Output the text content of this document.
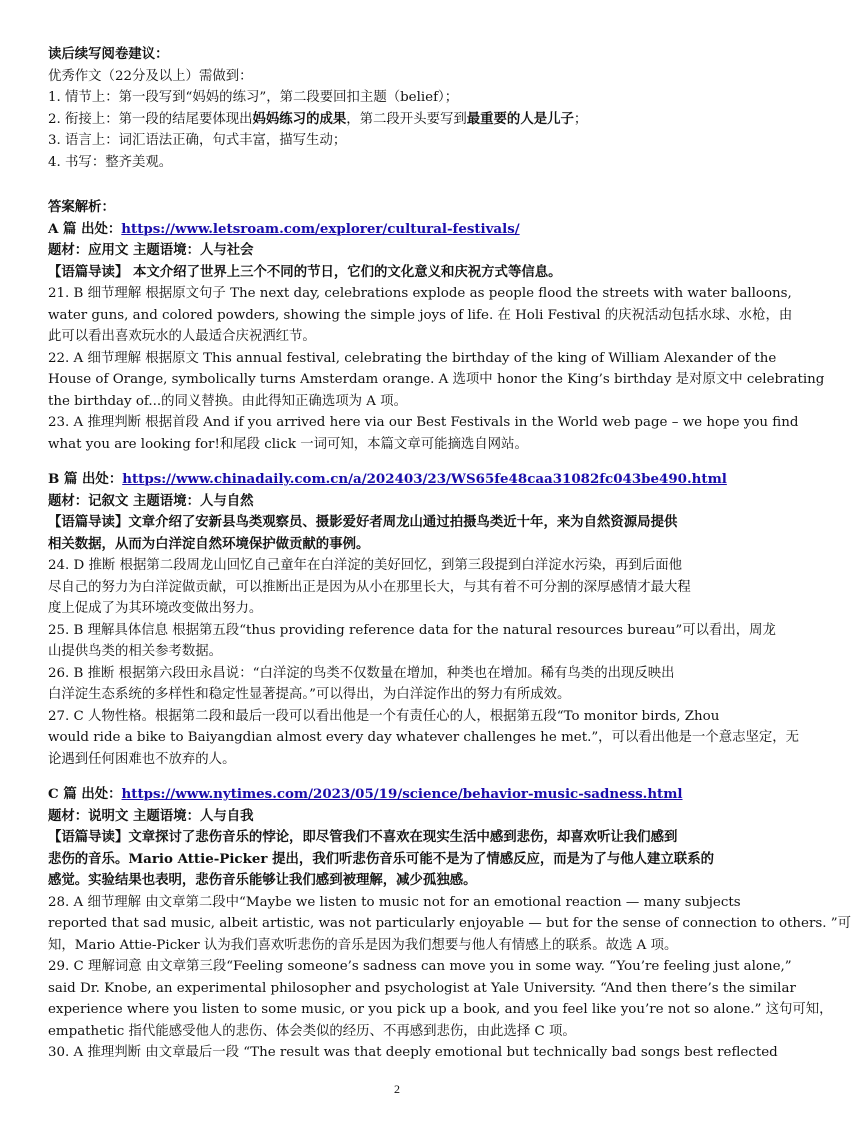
读后续写阅卷建议：
优秀作文（22分及以上）需做到：
1. 情节上：第一段写到“妈妈的练习”，第二段要回扣主题（belief）；
2. 衔接上：第一段的结尾要体现出妈妈练习的成果，第二段开头要写到最重要的人是儿子；
3. 语言上：词汇语法正确，句式丰富，描写生动；
4. 书写：整齐美观。
答案解析：
A 篇 出处：https://www.letsroam.com/explorer/cultural-festivals/
题材：应用文 主题语境：人与社会
【语篇导读】 本文介绍了世界上三个不同的节日，它们的文化意义和庆祝方式等信息。
21. B 细节理解 根据原文句子 The next day, celebrations explode as people flood the streets with water balloons,
water guns, and colored powders, showing the simple joys of life. 在 Holi Festival 的庆祝活动包括水球、水枪，由
此可以看出喜欢玩水的人最适合庆祝洒红节。
22. A 细节理解 根据原文 This annual festival, celebrating the birthday of the king of William Alexander of the
House of Orange, symbolically turns Amsterdam orange. A 选项中 honor the King’s birthday 是对原文中 celebrating
the birthday of...的同义替换。由此得知正确选项为 A 项。
23. A 推理判断 根据首段 And if you arrived here via our Best Festivals in the World web page – we hope you find
what you are looking for!和尾段 click 一词可知，本篇文章可能摘选自网站。
B 篇 出处：https://www.chinadaily.com.cn/a/202403/23/WS65fe48caa31082fc043be490.html
题材：记叙文 主题语境：人与自然
【语篇导读】文章介绍了安新县鸟类观察员、摄影爱好者周龙山通过拍摄鸟类近十年，来为自然资源局提供
相关数据，从而为白洋淀自然环境保护做贡献的事例。
24. D 推断 根据第二段周龙山回忆自己童年在白洋淀的美好回忆，到第三段提到白洋淀水污染，再到后面他
尽自己的努力为白洋淀做贡献，可以推断出正是因为从小在那里长大，与其有着不可分割的深厚感情才最大程
度上促成了为其环境改变做出努力。
25. B 理解具体信息 根据第五段“thus providing reference data for the natural resources bureau”可以看出，周龙
山提供鸟类的相关参考数据。
26. B 推断 根据第六段田永昌说：“白洋淀的鸟类不仅数量在增加，种类也在增加。稀有鸟类的出现反映出
白洋淀生态系统的多样性和稳定性显著提高。”可以得出，为白洋淀作出的努力有所成效。
27. C 人物性格。根据第二段和最后一段可以看出他是一个有责任心的人，根据第五段“To monitor birds, Zhou
would ride a bike to Baiyangdian almost every day whatever challenges he met.”，可以看出他是一个意志坚定，无
论遇到任何困难也不放弃的人。
C 篇 出处：https://www.nytimes.com/2023/05/19/science/behavior-music-sadness.html
题材：说明文 主题语境：人与自我
【语篇导读】文章探讨了悲伤音乐的悖论，即尽管我们不喜欢在现实生活中感到悲伤，却喜欢听让我们感到
悲伤的音乐。Mario Attie-Picker 提出，我们听悲伤音乐可能不是为了情感反应，而是为了与他人建立联系的
感觉。实验结果也表明，悲伤音乐能够让我们感到被理解，减少孤独感。
28. A 细节理解 由文章第二段中“Maybe we listen to music not for an emotional reaction — many subjects
reported that sad music, albeit artistic, was not particularly enjoyable — but for the sense of connection to others. ”可
知，Mario Attie-Picker 认为我们喜欢听悲伤的音乐是因为我们想要与他人有情感上的联系。故选 A 项。
29. C 理解词意 由文章第三段“Feeling someone’s sadness can move you in some way. “You’re feeling just alone,”
said Dr. Knobe, an experimental philosopher and psychologist at Yale University. “And then there’s the similar
experience where you listen to some music, or you pick up a book, and you feel like you’re not so alone.” 这句可知，
empathetic 指代能感受他人的悲伤、体会类似的经历、不再感到悲伤，由此选择 C 项。
30. A 推理判断 由文章最后一段 “The result was that deeply emotional but technically bad songs best reflected
2
